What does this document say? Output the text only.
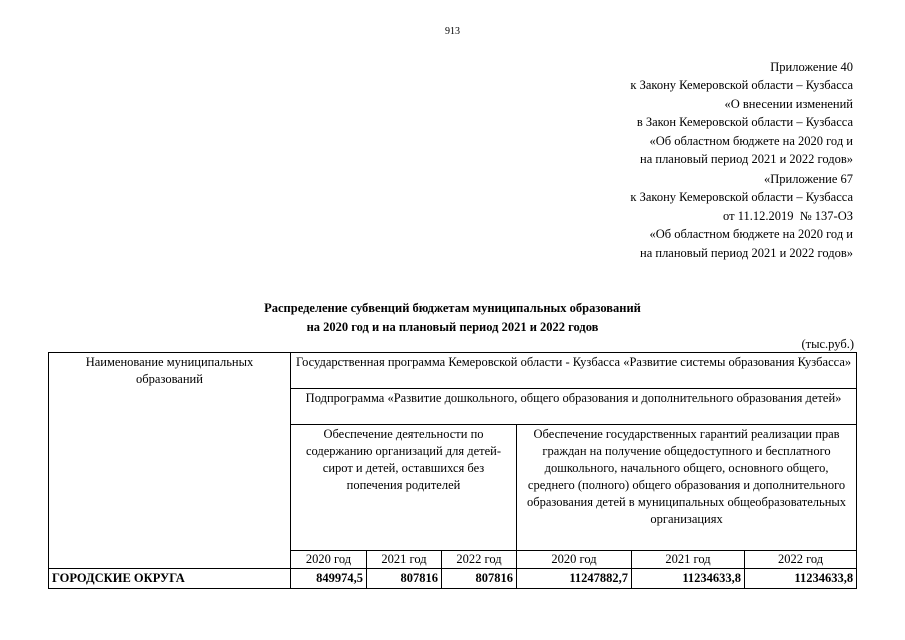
913
Приложение 40
к Закону Кемеровской области – Кузбасса
«О внесении изменений
в Закон Кемеровской области – Кузбасса
«Об областном бюджете на 2020 год и
на плановый период 2021 и 2022 годов»
«Приложение 67
к Закону Кемеровской области – Кузбасса
от 11.12.2019  № 137-ОЗ
«Об областном бюджете на 2020 год и
на плановый период 2021 и 2022 годов»
Распределение субвенций бюджетам муниципальных образований
на 2020 год и на плановый период 2021 и 2022 годов
(тыс.руб.)
Наименование муниципальных образований	Государственная программа Кемеровской области - Кузбасса «Развитие системы образования Кузбасса»					
	Подпрограмма «Развитие дошкольного, общего образования и дополнительного образования детей»					
	Обеспечение деятельности по содержанию организаций для детей-сирот и детей, оставшихся без попечения родителей			Обеспечение государственных гарантий реализации прав граждан на получение общедоступного и бесплатного дошкольного, начального общего, основного общего, среднего (полного) общего образования и дополнительного образования детей в муниципальных общеобразовательных организациях		
	2020 год	2021 год	2022 год	2020 год	2021 год	2022 год
ГОРОДСКИЕ ОКРУГА	849974,5	807816	807816	11247882,7	11234633,8	11234633,8
